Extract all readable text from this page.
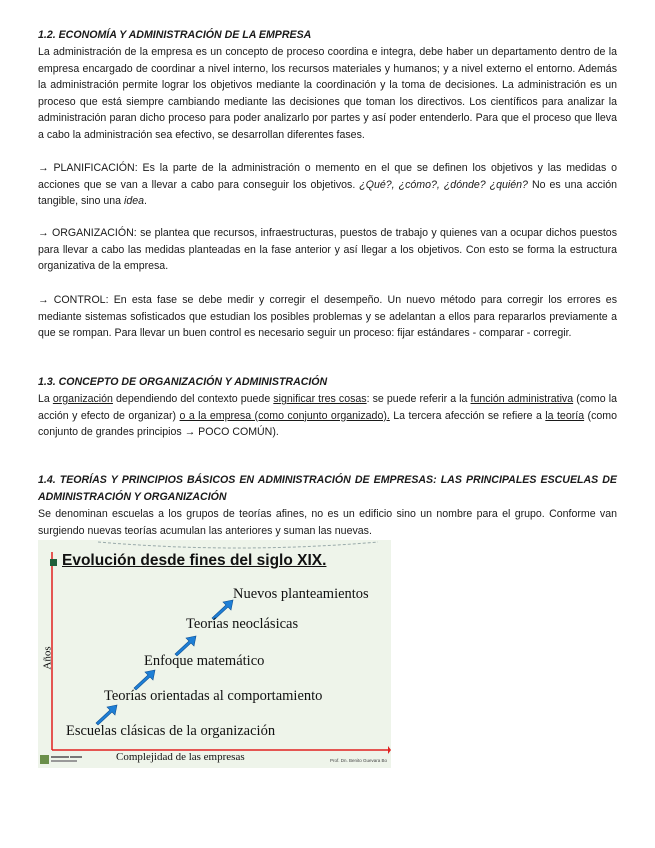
1.2. ECONOMÍA Y ADMINISTRACIÓN DE LA EMPRESA

La administración de la empresa es un concepto de proceso coordina e integra, debe haber un departamento dentro de la empresa encargado de coordinar a nivel interno, los recursos materiales y humanos; y a nivel externo el entorno. Además la administración permite lograr los objetivos mediante la coordinación y la toma de decisiones. La administración es un proceso que está siempre cambiando mediante las decisiones que toman los directivos. Los científicos para analizar la administración paran dicho proceso para poder analizarlo por partes y así poder entenderlo. Para que el proceso que lleva a cabo la administración sea efectivo, se desarrollan diferentes fases.

→ PLANIFICACIÓN: Es la parte de la administración o memento en el que se definen los objetivos y las medidas o acciones que se van a llevar a cabo para conseguir los objetivos. ¿Qué?, ¿cómo?, ¿dónde? ¿quién? No es una acción tangible, sino una idea.

→ ORGANIZACIÓN: se plantea que recursos, infraestructuras, puestos de trabajo y quienes van a ocupar dichos puestos para llevar a cabo las medidas planteadas en la fase anterior y así llegar a los objetivos. Con esto se forma la estructura organizativa de la empresa.

→ CONTROL: En esta fase se debe medir y corregir el desempeño. Un nuevo método para corregir los errores es mediante sistemas sofisticados que estudian los posibles problemas y se adelantan a ellos para repararlos previamente a que se rompan. Para llevar un buen control es necesario seguir un proceso: fijar estándares - comparar - corregir.

1.3. CONCEPTO DE ORGANIZACIÓN Y ADMINISTRACIÓN

La organización dependiendo del contexto puede significar tres cosas: se puede referir a la función administrativa (como la acción y efecto de organizar) o a la empresa (como conjunto organizado). La tercera afección se refiere a la teoría (como conjunto de grandes principios → POCO COMÚN).

1.4. TEORÍAS Y PRINCIPIOS BÁSICOS EN ADMINISTRACIÓN DE EMPRESAS: LAS PRINCIPALES ESCUELAS DE ADMINISTRACIÓN Y ORGANIZACIÓN

Se denominan escuelas a los grupos de teorías afines, no es un edificio sino un nombre para el grupo. Conforme van surgiendo nuevas teorías acumulan las anteriores y suman las nuevas.

Evolución desde fines del siglo XIX.
Nuevos planteamientos
Teorías neoclásicas
Enfoque matemático
Teorías orientadas al comportamiento
Escuelas clásicas de la organización
Años
Complejidad de las empresas	Prof. Dn. Benito Guevara Bo
